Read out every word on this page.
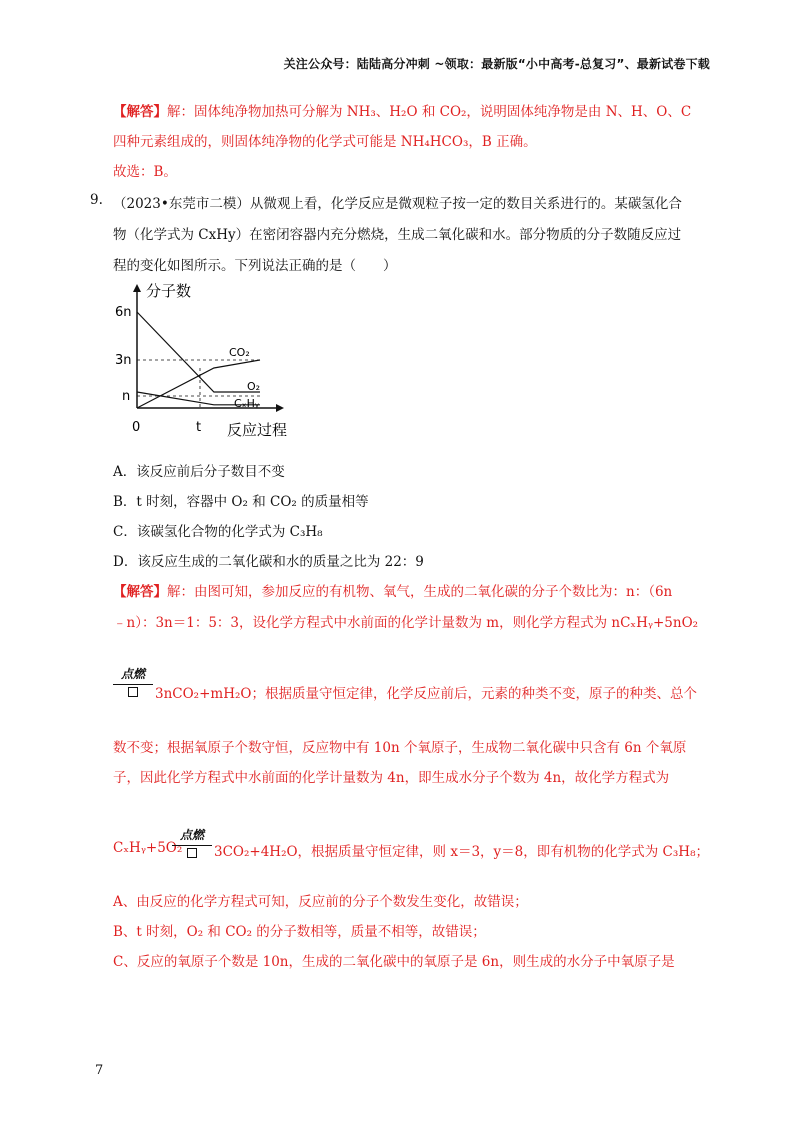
关注公众号：陆陆高分冲刺 ~领取：最新版“小中高考-总复习”、最新试卷下载
【解答】解：固体纯净物加热可分解为 NH₃、H₂O 和 CO₂，说明固体纯净物是由 N、H、O、C
四种元素组成的，则固体纯净物的化学式可能是 NH₄HCO₃，B 正确。
故选：B。
9. （2023•东莞市二模）从微观上看，化学反应是微观粒子按一定的数目关系进行的。某碳氢化合
物（化学式为 CxHy）在密闭容器内充分燃烧，生成二氧化碳和水。部分物质的分子数随反应过
程的变化如图所示。下列说法正确的是（　　）
分子数
6n
3n
n
0	t 反应过程
CO₂
O₂
CₓHᵧ
A．该反应前后分子数目不变
B．t 时刻，容器中 O₂ 和 CO₂ 的质量相等
C．该碳氢化合物的化学式为 C₃H₈
D．该反应生成的二氧化碳和水的质量之比为 22：9
【解答】解：由图可知，参加反应的有机物、氧气，生成的二氧化碳的分子个数比为：n：（6n
﹣n）：3n＝1：5：3，设化学方程式中水前面的化学计量数为 m，则化学方程式为 nCₓHᵧ+5nO₂
点燃
3nCO₂+mH₂O；根据质量守恒定律，化学反应前后，元素的种类不变，原子的种类、总个
数不变；根据氧原子个数守恒，反应物中有 10n 个氧原子，生成物二氧化碳中只含有 6n 个氧原
子，因此化学方程式中水前面的化学计量数为 4n，即生成水分子个数为 4n，故化学方程式为
CₓHᵧ+5O₂
点燃
3CO₂+4H₂O，根据质量守恒定律，则 x＝3，y＝8，即有机物的化学式为 C₃H₈；
A、由反应的化学方程式可知，反应前的分子个数发生变化，故错误；
B、t 时刻，O₂ 和 CO₂ 的分子数相等，质量不相等，故错误；
C、反应的氧原子个数是 10n，生成的二氧化碳中的氧原子是 6n，则生成的水分子中氧原子是
7
